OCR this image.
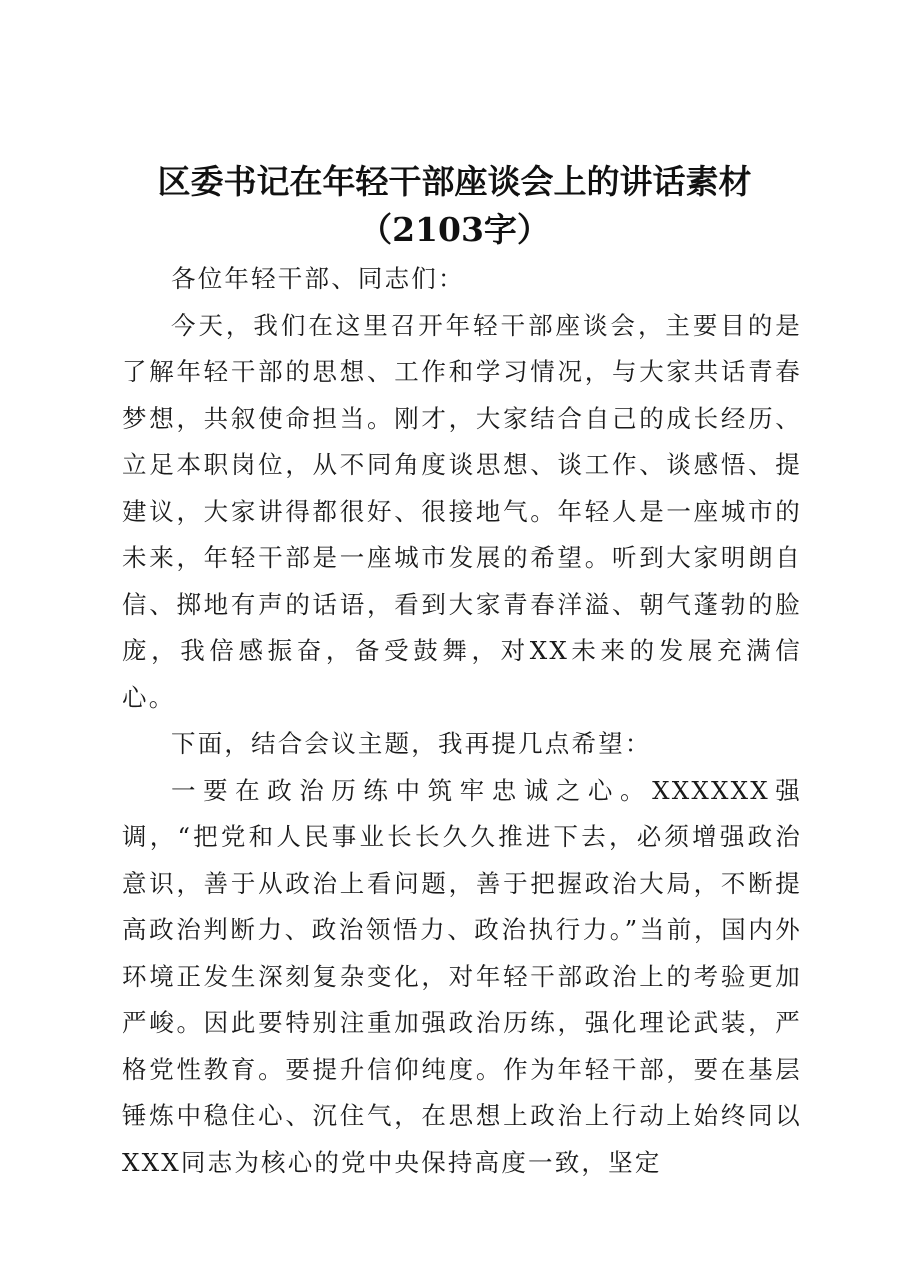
区委书记在年轻干部座谈会上的讲话素材
（2103字）

各位年轻干部、同志们：

今天，我们在这里召开年轻干部座谈会，主要目的是了解年轻干部的思想、工作和学习情况，与大家共话青春梦想，共叙使命担当。刚才，大家结合自己的成长经历、立足本职岗位，从不同角度谈思想、谈工作、谈感悟、提建议，大家讲得都很好、很接地气。年轻人是一座城市的未来，年轻干部是一座城市发展的希望。听到大家明朗自信、掷地有声的话语，看到大家青春洋溢、朝气蓬勃的脸庞，我倍感振奋，备受鼓舞，对XX未来的发展充满信心。

下面，结合会议主题，我再提几点希望：

一要在政治历练中筑牢忠诚之心。XXXXXX强调，“把党和人民事业长长久久推进下去，必须增强政治意识，善于从政治上看问题，善于把握政治大局，不断提高政治判断力、政治领悟力、政治执行力。”当前，国内外环境正发生深刻复杂变化，对年轻干部政治上的考验更加严峻。因此要特别注重加强政治历练，强化理论武装，严格党性教育。要提升信仰纯度。作为年轻干部，要在基层锤炼中稳住心、沉住气，在思想上政治上行动上始终同以XXX同志为核心的党中央保持高度一致，坚定
